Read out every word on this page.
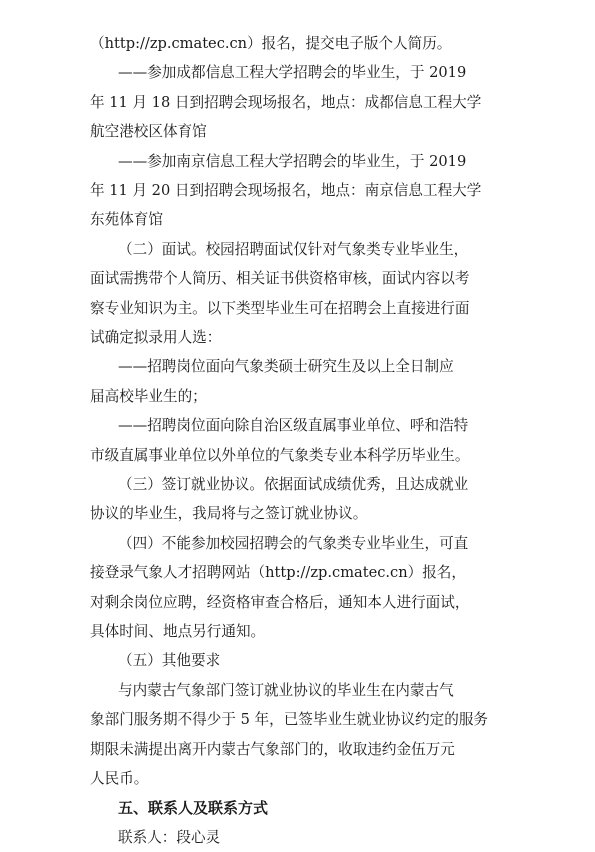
（http://zp.cmatec.cn）报名，提交电子版个人简历。
——参加成都信息工程大学招聘会的毕业生，于 2019
年 11 月 18 日到招聘会现场报名，地点：成都信息工程大学
航空港校区体育馆
——参加南京信息工程大学招聘会的毕业生，于 2019
年 11 月 20 日到招聘会现场报名，地点：南京信息工程大学
东苑体育馆
（二）面试。校园招聘面试仅针对气象类专业毕业生，
面试需携带个人简历、相关证书供资格审核，面试内容以考
察专业知识为主。以下类型毕业生可在招聘会上直接进行面
试确定拟录用人选：
——招聘岗位面向气象类硕士研究生及以上全日制应
届高校毕业生的；
——招聘岗位面向除自治区级直属事业单位、呼和浩特
市级直属事业单位以外单位的气象类专业本科学历毕业生。
（三）签订就业协议。依据面试成绩优秀，且达成就业
协议的毕业生，我局将与之签订就业协议。
（四）不能参加校园招聘会的气象类专业毕业生，可直
接登录气象人才招聘网站（http://zp.cmatec.cn）报名，
对剩余岗位应聘，经资格审查合格后，通知本人进行面试，
具体时间、地点另行通知。
（五）其他要求
与内蒙古气象部门签订就业协议的毕业生在内蒙古气
象部门服务期不得少于 5 年，已签毕业生就业协议约定的服务
期限未满提出离开内蒙古气象部门的，收取违约金伍万元
人民币。
五、联系人及联系方式
联系人：段心灵
